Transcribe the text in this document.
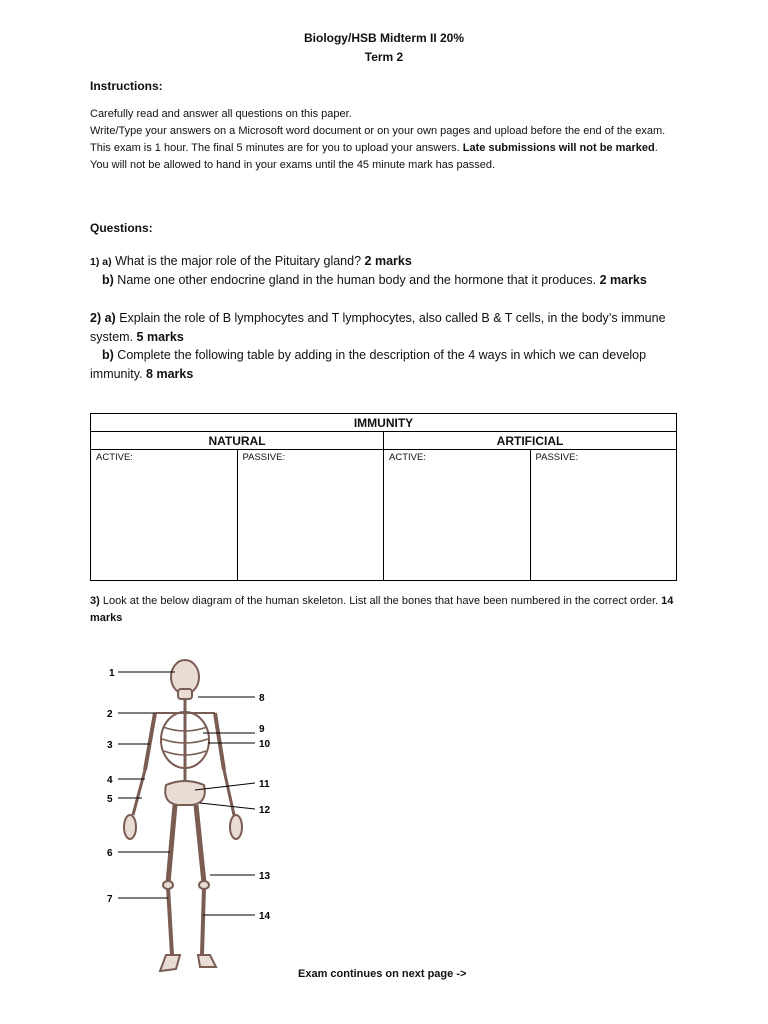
Biology/HSB Midterm II 20%
Term 2
Instructions:
Carefully read and answer all questions on this paper.
Write/Type your answers on a Microsoft word document or on your own pages and upload before the end of the exam.
This exam is 1 hour. The final 5 minutes are for you to upload your answers. Late submissions will not be marked.
You will not be allowed to hand in your exams until the 45 minute mark has passed.
Questions:
1) a) What is the major role of the Pituitary gland? 2 marks
b) Name one other endocrine gland in the human body and the hormone that it produces. 2 marks
2) a) Explain the role of B lymphocytes and T lymphocytes, also called B & T cells, in the body’s immune system. 5 marks
b) Complete the following table by adding in the description of the 4 ways in which we can develop immunity. 8 marks
IMMUNITY			
NATURAL		ARTIFICIAL	
ACTIVE:	PASSIVE:	ACTIVE:	PASSIVE:
3) Look at the below diagram of the human skeleton. List all the bones that have been numbered in the correct order. 14 marks
1
2
3
4
5
6
7
8
9
10
11
12
13
14
Exam continues on next page ->
